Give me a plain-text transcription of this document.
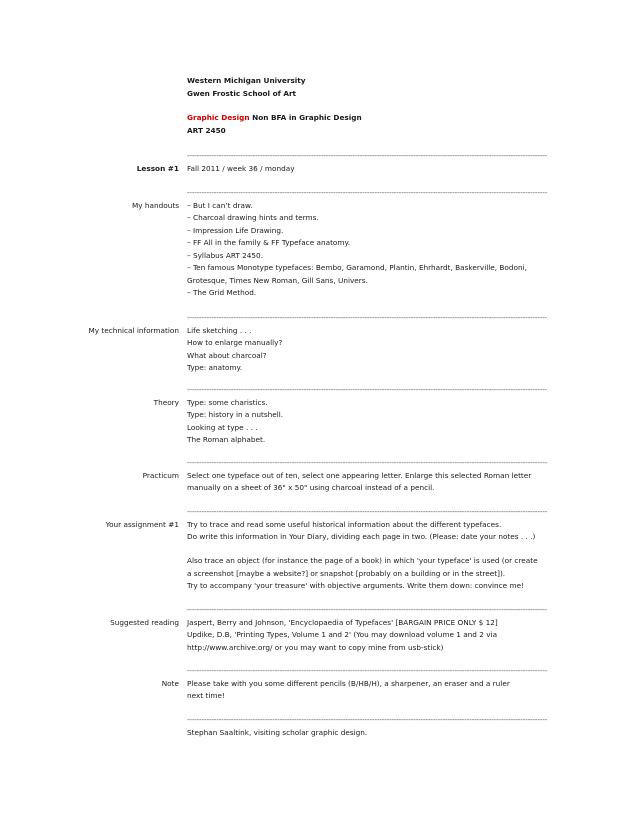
Western Michigan University
Gwen Frostic School of Art
Graphic Design Non BFA in Graphic Design
ART 2450
----------------------------------------------------------------------------------------------------------------------------------------------------
Fall 2011 / week 36 / monday
Lesson #1
----------------------------------------------------------------------------------------------------------------------------------------------------
– But I can’t draw.
– Charcoal drawing hints and terms.
– Impression Life Drawing.
– FF All in the family & FF Typeface anatomy.
– Syllabus ART 2450.
– Ten famous Monotype typefaces: Bembo, Garamond, Plantin, Ehrhardt, Baskerville, Bodoni,
Grotesque, Times New Roman, Gill Sans, Univers.
– The Grid Method.
My handouts
----------------------------------------------------------------------------------------------------------------------------------------------------
Life sketching . . .
How to enlarge manually?
What about charcoal?
Type: anatomy.
My technical information
----------------------------------------------------------------------------------------------------------------------------------------------------
Type: some charistics.
Type: history in a nutshell.
Looking at type . . .
The Roman alphabet.
Theory
----------------------------------------------------------------------------------------------------------------------------------------------------
Select one typeface out of ten, select one appearing letter. Enlarge this selected Roman letter
manually on a sheet of 36" x 50" using charcoal instead of a pencil.
Practicum
----------------------------------------------------------------------------------------------------------------------------------------------------
Try to trace and read some useful historical information about the different typefaces.
Do write this information in Your Diary, dividing each page in two. (Please: date your notes . . .)
Your assignment #1
Also trace an object (for instance the page of a book) in which 'your typeface' is used (or create
a screenshot [maybe a website?] or snapshot [probably on a building or in the street]).
Try to accompany 'your treasure' with objective arguments. Write them down: convince me!
----------------------------------------------------------------------------------------------------------------------------------------------------
Jaspert, Berry and Johnson, 'Encyclopaedia of Typefaces' [BARGAIN PRICE ONLY $ 12]
Updike, D.B, 'Printing Types, Volume 1 and 2' (You may download volume 1 and 2 via
http://www.archive.org/ or you may want to copy mine from usb-stick)
Suggested reading
----------------------------------------------------------------------------------------------------------------------------------------------------
Please take with you some different pencils (B/HB/H), a sharpener, an eraser and a ruler
next time!
Note
----------------------------------------------------------------------------------------------------------------------------------------------------
Stephan Saaltink, visiting scholar graphic design.
